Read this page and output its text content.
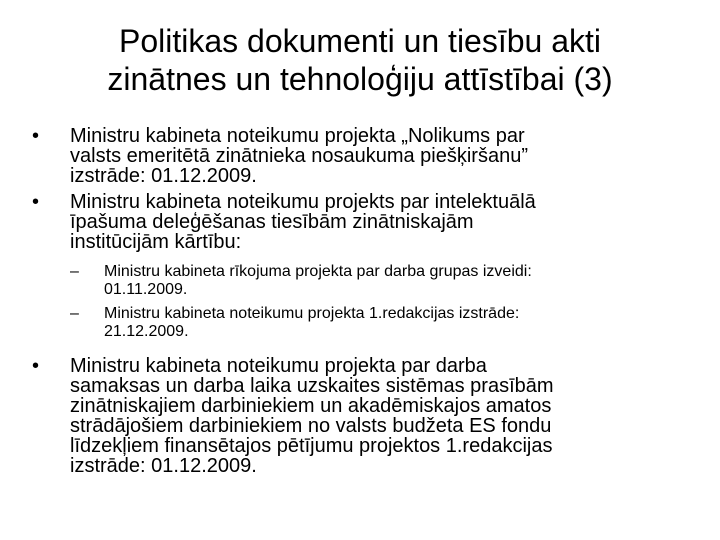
Politikas dokumenti un tiesību akti
zinātnes un tehnoloģiju attīstībai (3)
• Ministru kabineta noteikumu projekta „Nolikums par
valsts emeritētā zinātnieka nosaukuma piešķiršanu”
izstrāde: 01.12.2009.
• Ministru kabineta noteikumu projekts par intelektuālā
īpašuma deleģēšanas tiesībām zinātniskajām
institūcijām kārtību:
– Ministru kabineta rīkojuma projekta par darba grupas izveidi:
01.11.2009.
– Ministru kabineta noteikumu projekta 1.redakcijas izstrāde:
21.12.2009.
• Ministru kabineta noteikumu projekta par darba
samaksas un darba laika uzskaites sistēmas prasībām
zinātniskajiem darbiniekiem un akadēmiskajos amatos
strādājošiem darbiniekiem no valsts budžeta ES fondu
līdzekļiem finansētajos pētījumu projektos 1.redakcijas
izstrāde: 01.12.2009.
